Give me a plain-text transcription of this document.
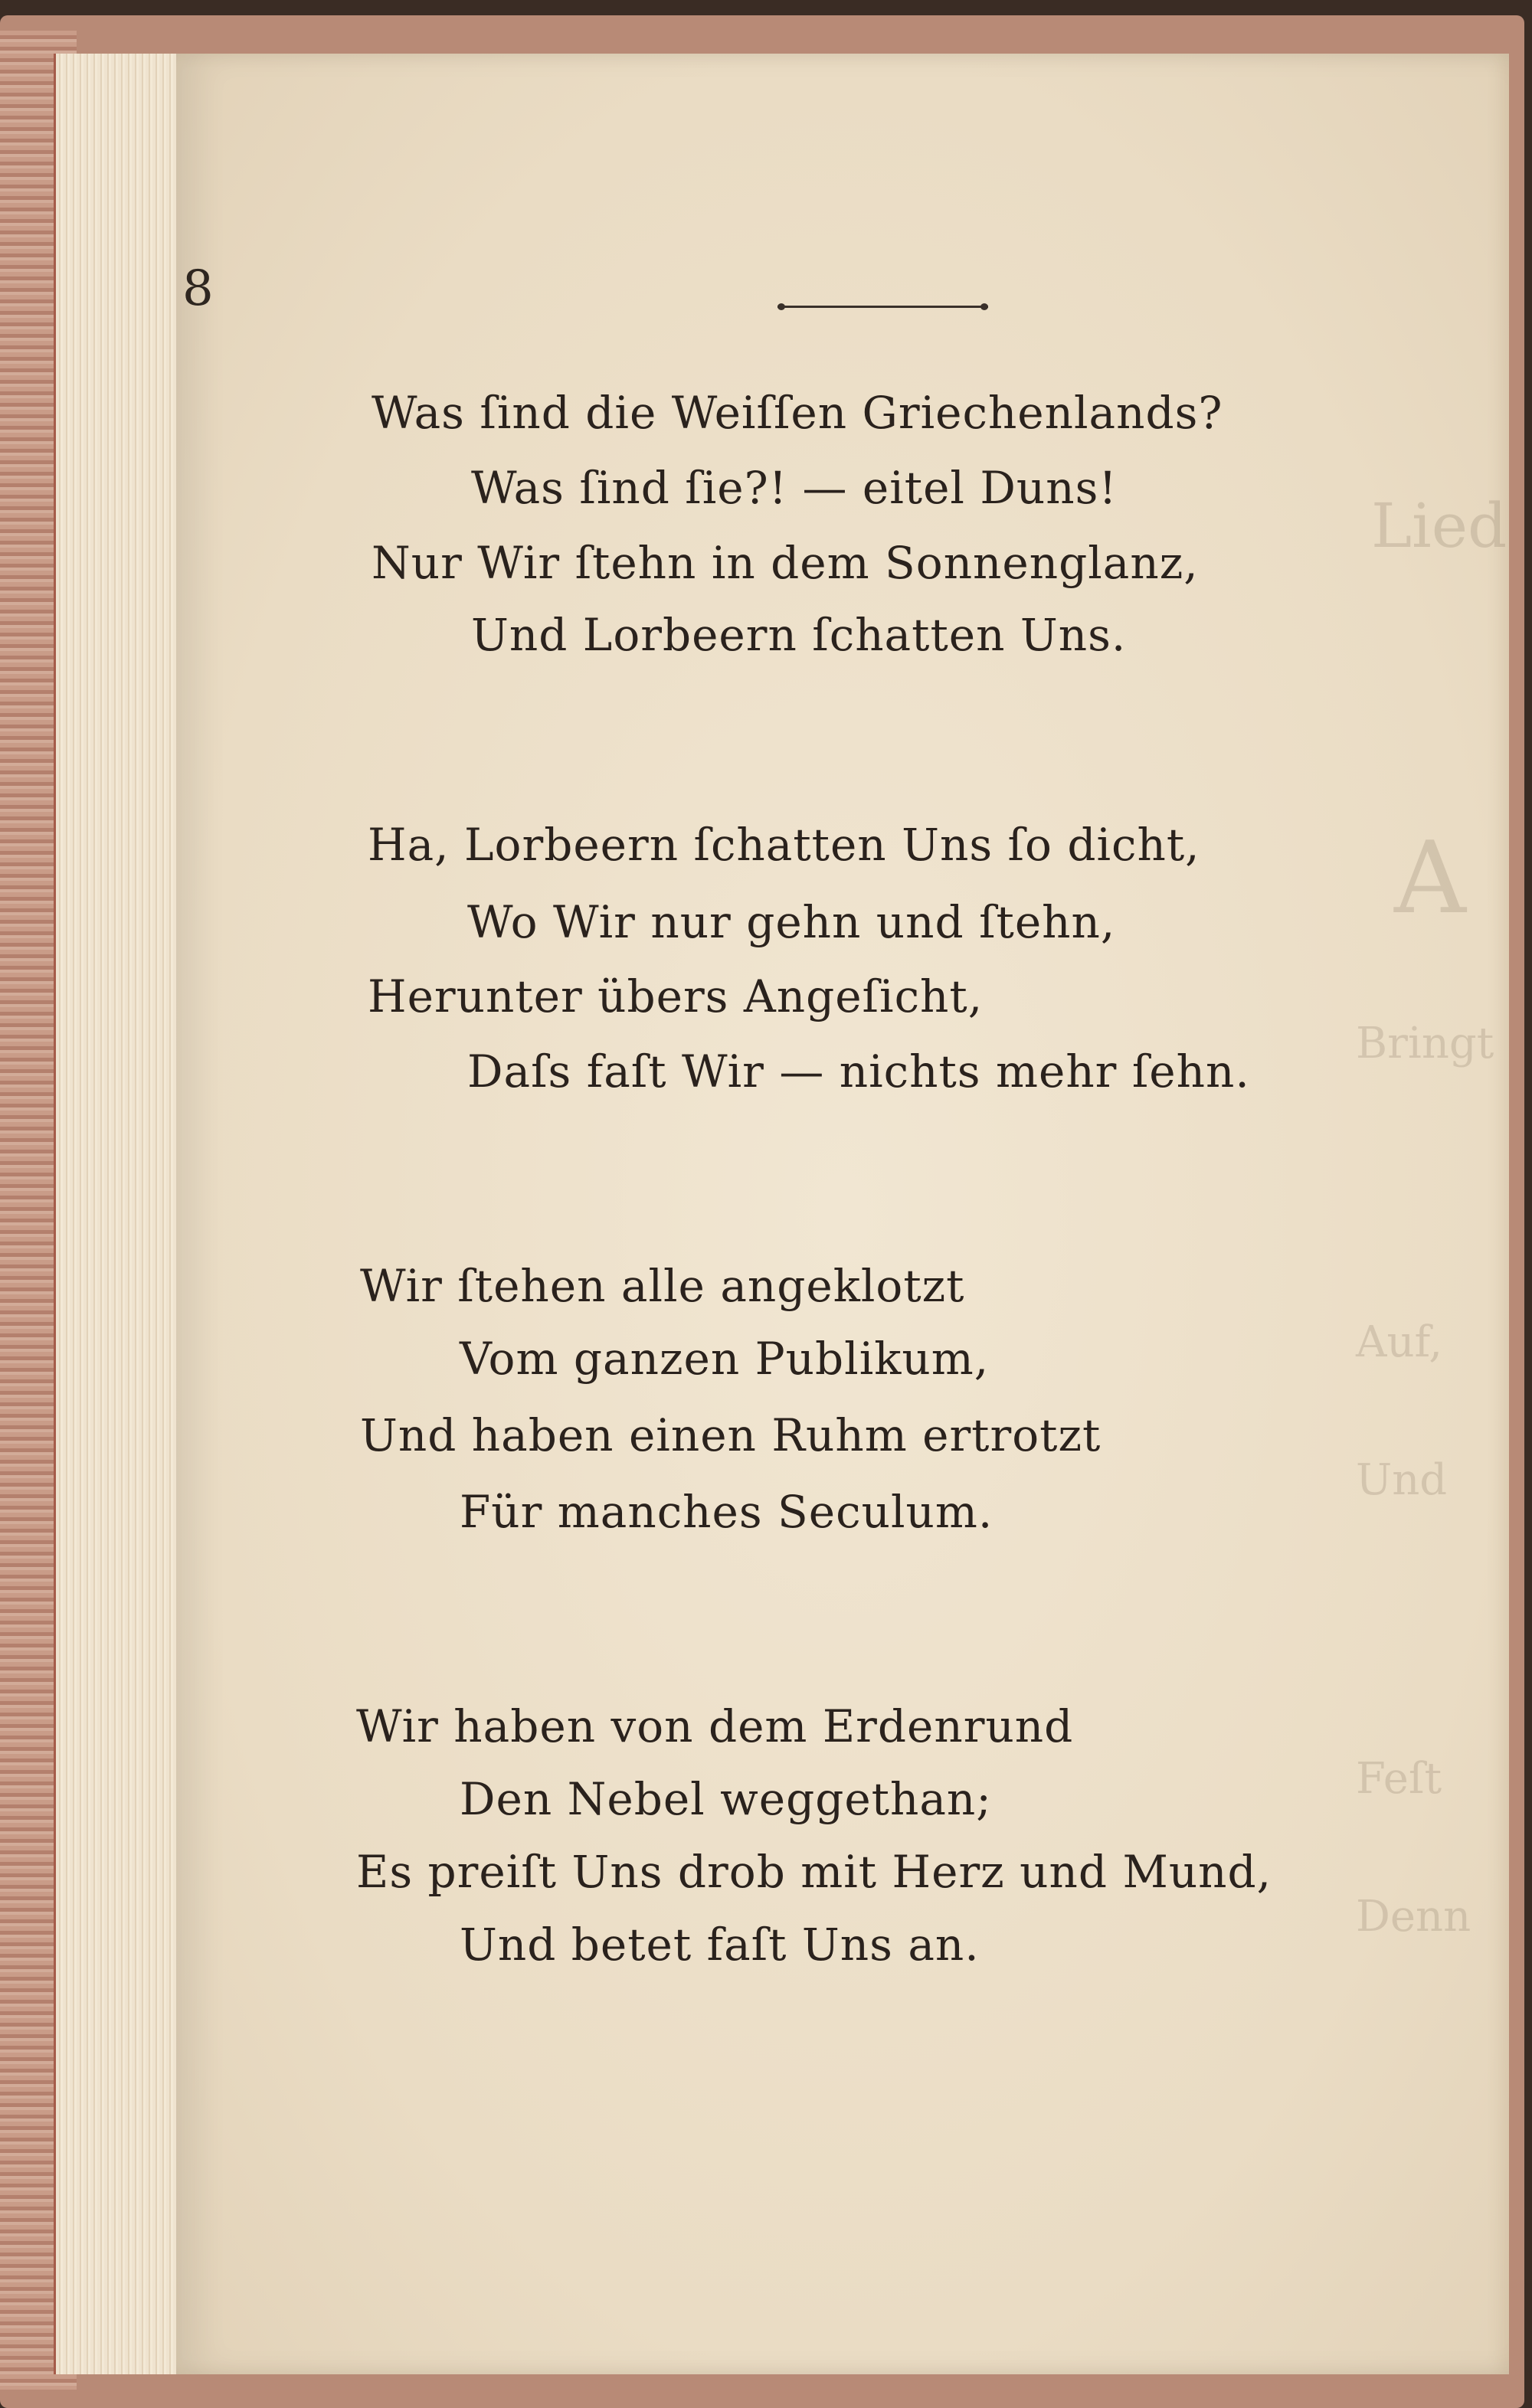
Lied
A
Bringt
Auf,
Und
Feſt
Denn
8
Was ſind die Weiſſen Griechenlands?
Was ſind ſie?! — eitel Duns!
Nur Wir ſtehn in dem Sonnenglanz,
Und Lorbeern ſchatten Uns.
Ha, Lorbeern ſchatten Uns ſo dicht,
Wo Wir nur gehn und ſtehn,
Herunter übers Angeſicht,
Daſs faſt Wir — nichts mehr ſehn.
Wir ſtehen alle angeklotzt
Vom ganzen Publikum,
Und haben einen Ruhm ertrotzt
Für manches Seculum.
Wir haben von dem Erdenrund
Den Nebel weggethan;
Es preiſt Uns drob mit Herz und Mund,
Und betet faſt Uns an.
